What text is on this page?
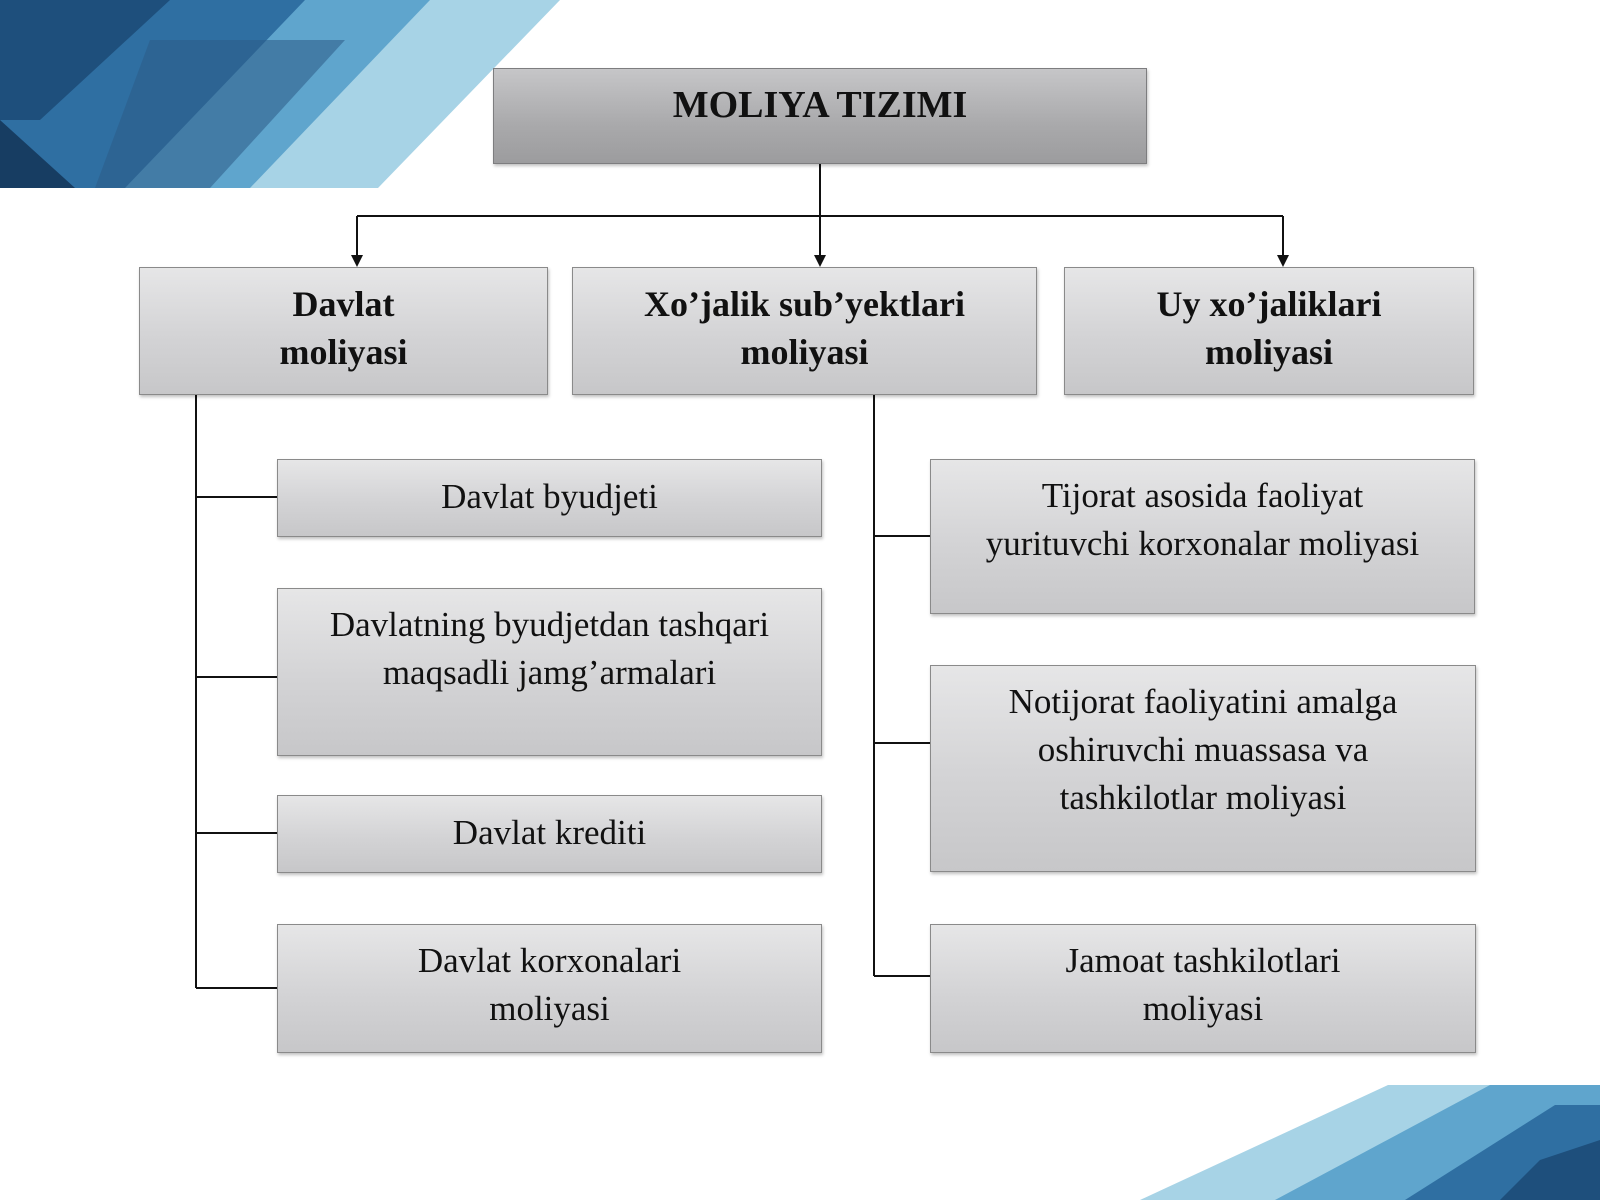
MOLIYA TIZIMI
Davlat
moliyasi
Xo’jalik sub’yektlari
moliyasi
Uy xo’jaliklari
moliyasi
Davlat byudjeti
Davlatning byudjetdan tashqari
maqsadli jamg’armalari
Davlat krediti
Davlat korxonalari
moliyasi
Tijorat asosida faoliyat
yurituvchi korxonalar moliyasi
Notijorat faoliyatini amalga
oshiruvchi muassasa va
tashkilotlar moliyasi
Jamoat tashkilotlari
moliyasi
